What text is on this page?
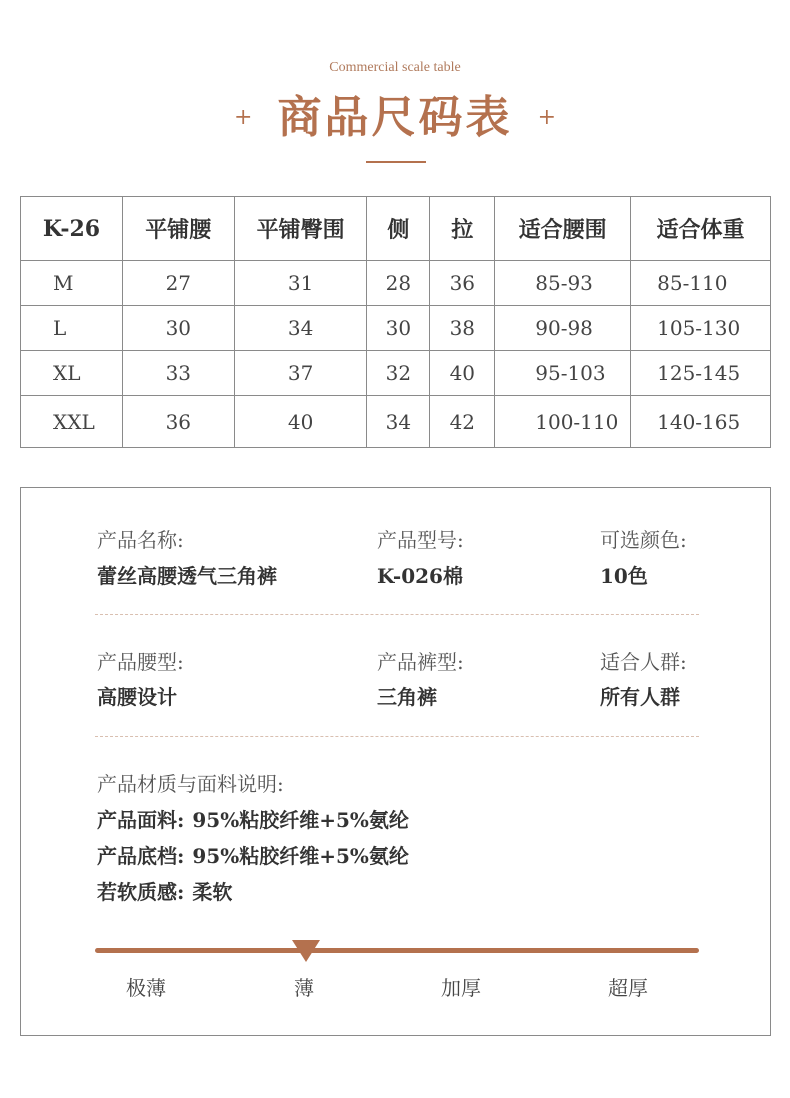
Commercial scale table
+ 商品尺码表 +
K-26	平铺腰	平铺臀围	侧	拉	适合腰围	适合体重
M	27	31	28	36	85-93	85-110
L	30	34	30	38	90-98	105-130
XL	33	37	32	40	95-103	125-145
XXL	36	40	34	42	100-110	140-165
产品名称:
蕾丝高腰透气三角裤
产品型号:
K-026棉
可选颜色:
10色
产品腰型:
高腰设计
产品裤型:
三角裤
适合人群:
所有人群
产品材质与面料说明:
产品面料: 95%粘胶纤维+5%氨纶
产品底档: 95%粘胶纤维+5%氨纶
若软质感: 柔软
极薄	薄	加厚	超厚
